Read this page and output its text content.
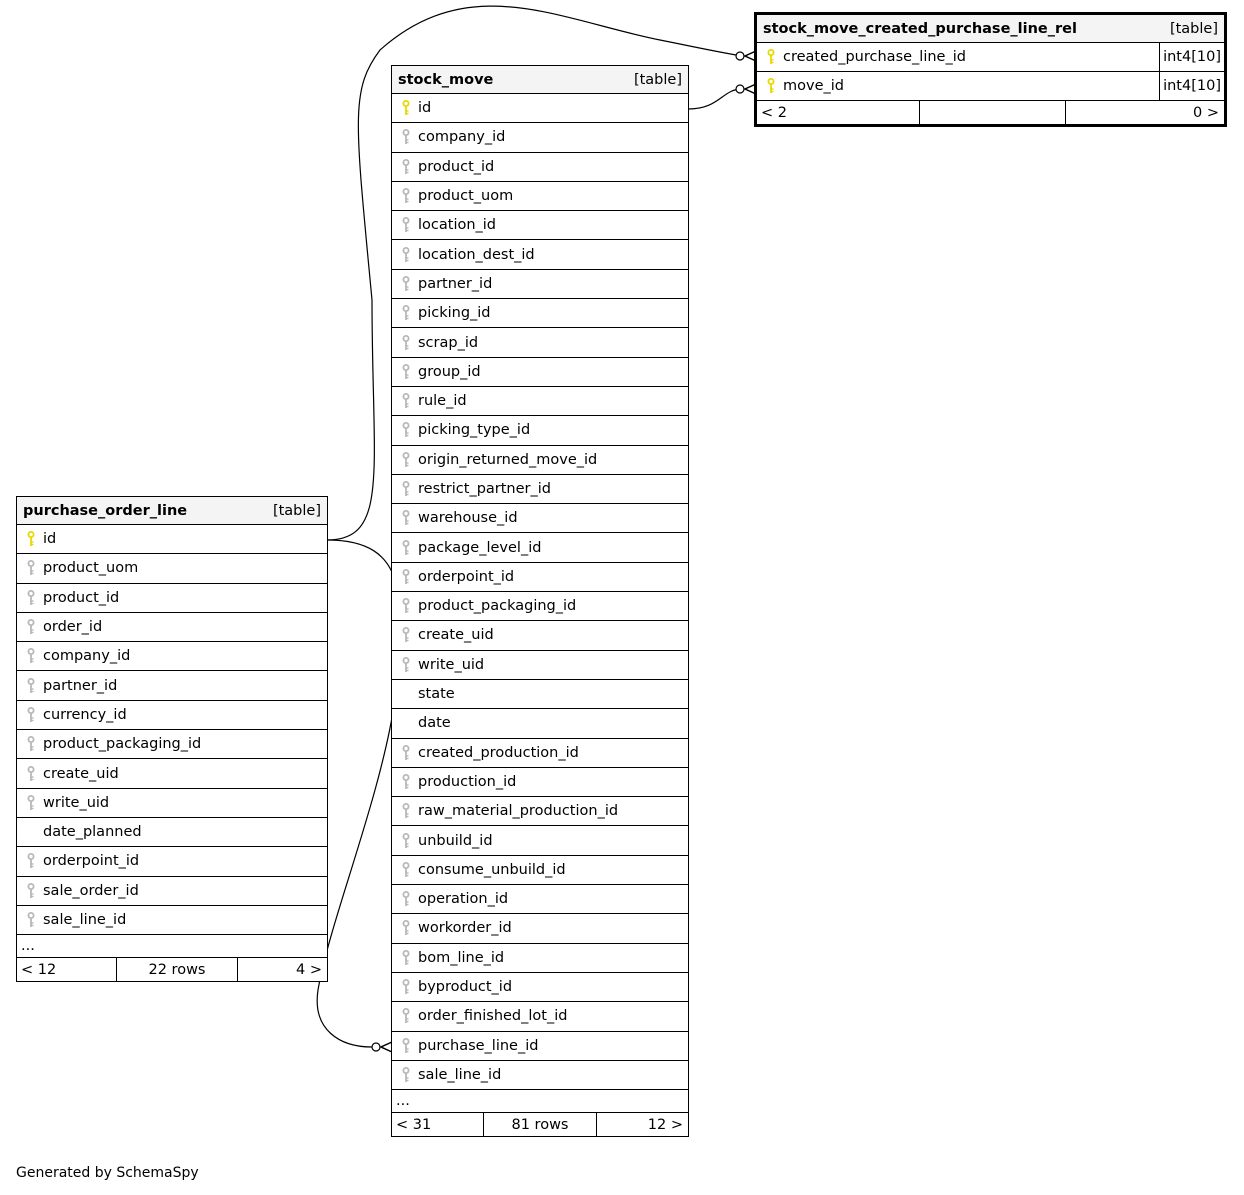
stock_move_created_purchase_line_rel	[table]
created_purchase_line_id	int4[10]
move_id	int4[10]
< 2	0 >
stock_move	[table]
id
company_id
product_id
product_uom
location_id
location_dest_id
partner_id
picking_id
scrap_id
group_id
rule_id
picking_type_id
origin_returned_move_id
restrict_partner_id
warehouse_id
package_level_id
orderpoint_id
product_packaging_id
create_uid
write_uid
state
date
created_production_id
production_id
raw_material_production_id
unbuild_id
consume_unbuild_id
operation_id
workorder_id
bom_line_id
byproduct_id
order_finished_lot_id
purchase_line_id
sale_line_id
...
< 31	81 rows	12 >
purchase_order_line	[table]
id
product_uom
product_id
order_id
company_id
partner_id
currency_id
product_packaging_id
create_uid
write_uid
date_planned
orderpoint_id
sale_order_id
sale_line_id
...
< 12	22 rows	4 >
Generated by SchemaSpy
